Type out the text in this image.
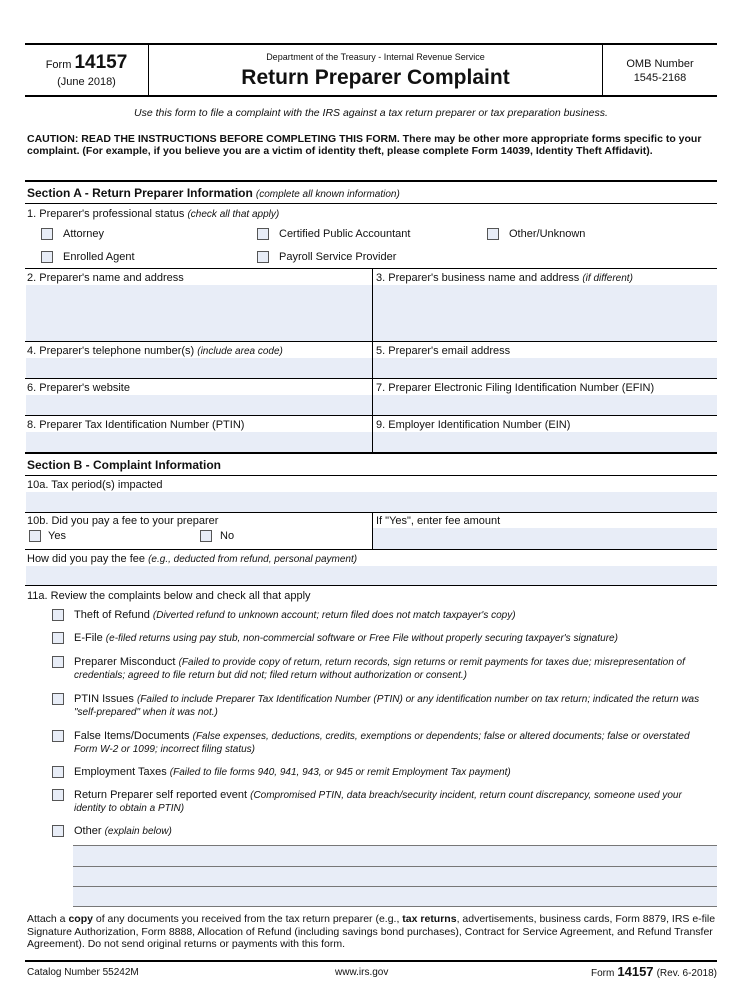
Form 14157
(June 2018)
Department of the Treasury - Internal Revenue Service
Return Preparer Complaint
OMB Number
1545-2168
Use this form to file a complaint with the IRS against a tax return preparer or tax preparation business.
CAUTION: READ THE INSTRUCTIONS BEFORE COMPLETING THIS FORM. There may be other more appropriate forms specific to your complaint. (For example, if you believe you are a victim of identity theft, please complete Form 14039, Identity Theft Affidavit).
Section A - Return Preparer Information (complete all known information)
1. Preparer's professional status (check all that apply)
Attorney	Certified Public Accountant	Other/Unknown
Enrolled Agent	Payroll Service Provider
2. Preparer's name and address	3. Preparer's business name and address (if different)
4. Preparer's telephone number(s) (include area code)	5. Preparer's email address
6. Preparer's website	7. Preparer Electronic Filing Identification Number (EFIN)
8. Preparer Tax Identification Number (PTIN)	9. Employer Identification Number (EIN)
Section B - Complaint Information
10a. Tax period(s) impacted
10b. Did you pay a fee to your preparer
Yes	No
If "Yes", enter fee amount
How did you pay the fee (e.g., deducted from refund, personal payment)
11a. Review the complaints below and check all that apply
Theft of Refund (Diverted refund to unknown account; return filed does not match taxpayer's copy)
E-File (e-filed returns using pay stub, non-commercial software or Free File without properly securing taxpayer's signature)
Preparer Misconduct (Failed to provide copy of return, return records, sign returns or remit payments for taxes due; misrepresentation of credentials; agreed to file return but did not; filed return without authorization or consent.)
PTIN Issues (Failed to include Preparer Tax Identification Number (PTIN) or any identification number on tax return; indicated the return was "self-prepared" when it was not.)
False Items/Documents (False expenses, deductions, credits, exemptions or dependents; false or altered documents; false or overstated Form W-2 or 1099; incorrect filing status)
Employment Taxes (Failed to file forms 940, 941, 943, or 945 or remit Employment Tax payment)
Return Preparer self reported event (Compromised PTIN, data breach/security incident, return count discrepancy, someone used your identity to obtain a PTIN)
Other (explain below)
Attach a copy of any documents you received from the tax return preparer (e.g., tax returns, advertisements, business cards, Form 8879, IRS e-file Signature Authorization, Form 8888, Allocation of Refund (including savings bond purchases), Contract for Service Agreement, and Refund Transfer Agreement). Do not send original returns or payments with this form.
Catalog Number 55242M	www.irs.gov	Form 14157 (Rev. 6-2018)
